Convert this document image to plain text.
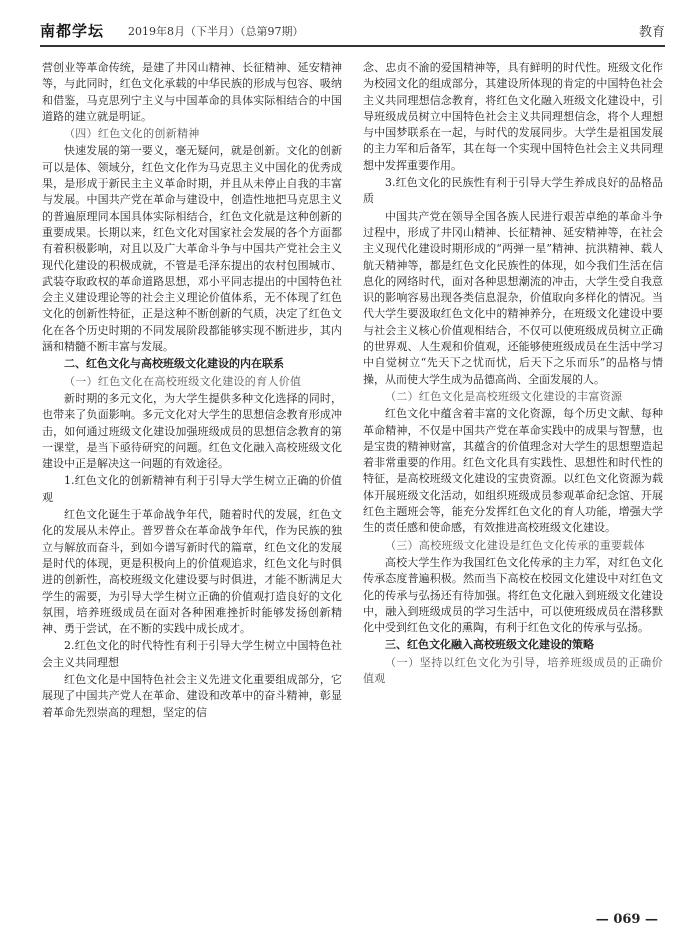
南都学坛 2019年8月（下半月）（总第97期）	教育

营创业等革命传统，是建了井冈山精神、长征精神、延安精神等，与此同时，红色文化承载的中华民族的形成与包容、吸纳和借鉴，马克思列宁主义与中国革命的具体实际相结合的中国道路的建立就是明证。

（四）红色文化的创新精神

快速发展的第一要义，毫无疑问，就是创新。文化的创新可以是体、领域分，红色文化作为马克思主义中国化的优秀成果，是形成于新民主主义革命时期，并且从未停止自我的丰富与发展。中国共产党在革命与建设中，创造性地把马克思主义的普遍原理同本国具体实际相结合，红色文化就是这种创新的重要成果。长期以来，红色文化对国家社会发展的各个方面都有着积极影响，对且以及广大革命斗争与中国共产党社会主义现代化建设的积极成就，不管是毛泽东提出的农村包围城市、武装夺取政权的革命道路思想，邓小平同志提出的中国特色社会主义建设理论等的社会主义理论价值体系，无不体现了红色文化的创新性特征，正是这种不断创新的气质，决定了红色文化在各个历史时期的不同发展阶段都能够实现不断进步，其内涵和精髓不断丰富与发展。

二、红色文化与高校班级文化建设的内在联系

（一）红色文化在高校班级文化建设的育人价值

新时期的多元文化，为大学生提供多种文化选择的同时，也带来了负面影响。多元文化对大学生的思想信念教育形成冲击，如何通过班级文化建设加强班级成员的思想信念教育的第一课堂，是当下亟待研究的问题。红色文化融入高校班级文化建设中正是解决这一问题的有效途径。

1.红色文化的创新精神有利于引导大学生树立正确的价值观

红色文化诞生于革命战争年代，随着时代的发展，红色文化的发展从未停止。普罗普众在革命战争年代，作为民族的独立与解放而奋斗，到如今谱写新时代的篇章，红色文化的发展是时代的体现，更是积极向上的价值观追求，红色文化与时俱进的创新性，高校班级文化建设要与时俱进，才能不断满足大学生的需要，为引导大学生树立正确的价值观打造良好的文化氛围，培养班级成员在面对各种困难挫折时能够发扬创新精神、勇于尝试，在不断的实践中成长成才。

2.红色文化的时代特性有利于引导大学生树立中国特色社会主义共同理想

红色文化是中国特色社会主义先进文化重要组成部分，它展现了中国共产党人在革命、建设和改革中的奋斗精神，彰显着革命先烈崇高的理想，坚定的信

念、忠贞不渝的爱国精神等，具有鲜明的时代性。班级文化作为校园文化的组成部分，其建设所体现的肯定的中国特色社会主义共同理想信念教育，将红色文化融入班级文化建设中，引导班级成员树立中国特色社会主义共同理想信念，将个人理想与中国梦联系在一起，与时代的发展同步。大学生是祖国发展的主力军和后备军，其在每一个实现中国特色社会主义共同理想中发挥重要作用。

3.红色文化的民族性有利于引导大学生养成良好的品格品质

中国共产党在领导全国各族人民进行艰苦卓绝的革命斗争过程中，形成了井冈山精神、长征精神、延安精神等，在社会主义现代化建设时期形成的“两弹一星”精神、抗洪精神、载人航天精神等，都是红色文化民族性的体现，如今我们生活在信息化的网络时代，面对各种思想潮流的冲击，大学生受自我意识的影响容易出现各类信息混杂，价值取向多样化的情况。当代大学生要汲取红色文化中的精神养分，在班级文化建设中要与社会主义核心价值观相结合，不仅可以使班级成员树立正确的世界观、人生观和价值观，还能够使班级成员在生活中学习中自觉树立“先天下之忧而忧，后天下之乐而乐”的品格与情操，从而使大学生成为品德高尚、全面发展的人。

（二）红色文化是高校班级文化建设的丰富资源

红色文化中蕴含着丰富的文化资源，每个历史文献、每种革命精神，不仅是中国共产党在革命实践中的成果与智慧，也是宝贵的精神财富，其蕴含的价值理念对大学生的思想塑造起着非常重要的作用。红色文化具有实践性、思想性和时代性的特征，是高校班级文化建设的宝贵资源。以红色文化资源为载体开展班级文化活动，如组织班级成员参观革命纪念馆、开展红色主题班会等，能充分发挥红色文化的育人功能，增强大学生的责任感和使命感，有效推进高校班级文化建设。

（三）高校班级文化建设是红色文化传承的重要载体

高校大学生作为我国红色文化传承的主力军，对红色文化传承态度普遍积极。然而当下高校在校园文化建设中对红色文化的传承与弘扬还有待加强。将红色文化融入到班级文化建设中，融入到班级成员的学习生活中，可以使班级成员在潜移默化中受到红色文化的熏陶，有利于红色文化的传承与弘扬。

三、红色文化融入高校班级文化建设的策略

（一）坚持以红色文化为引导，培养班级成员的正确价值观

— 069 —
